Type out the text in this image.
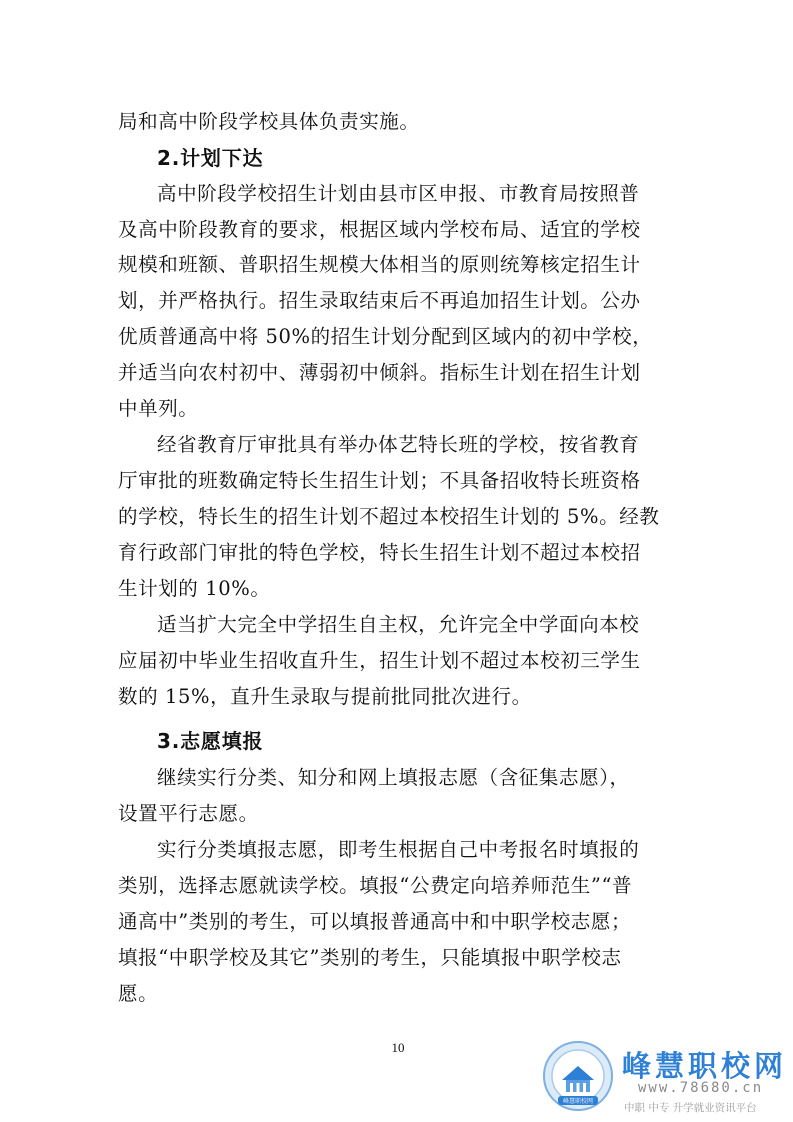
局和高中阶段学校具体负责实施。
2.计划下达
高中阶段学校招生计划由县市区申报、市教育局按照普
及高中阶段教育的要求，根据区域内学校布局、适宜的学校
规模和班额、普职招生规模大体相当的原则统筹核定招生计
划，并严格执行。招生录取结束后不再追加招生计划。公办
优质普通高中将 50%的招生计划分配到区域内的初中学校，
并适当向农村初中、薄弱初中倾斜。指标生计划在招生计划
中单列。
经省教育厅审批具有举办体艺特长班的学校，按省教育
厅审批的班数确定特长生招生计划；不具备招收特长班资格
的学校，特长生的招生计划不超过本校招生计划的 5%。经教
育行政部门审批的特色学校，特长生招生计划不超过本校招
生计划的 10%。
适当扩大完全中学招生自主权，允许完全中学面向本校
应届初中毕业生招收直升生，招生计划不超过本校初三学生
数的 15%，直升生录取与提前批同批次进行。
3.志愿填报
继续实行分类、知分和网上填报志愿（含征集志愿），
设置平行志愿。
实行分类填报志愿，即考生根据自己中考报名时填报的
类别，选择志愿就读学校。填报“公费定向培养师范生”“普
通高中”类别的考生，可以填报普通高中和中职学校志愿；
填报“中职学校及其它”类别的考生，只能填报中职学校志
愿。
10
峰慧职校网
峰慧职校网
www.78680.cn
中职 中专 升学就业资讯平台
